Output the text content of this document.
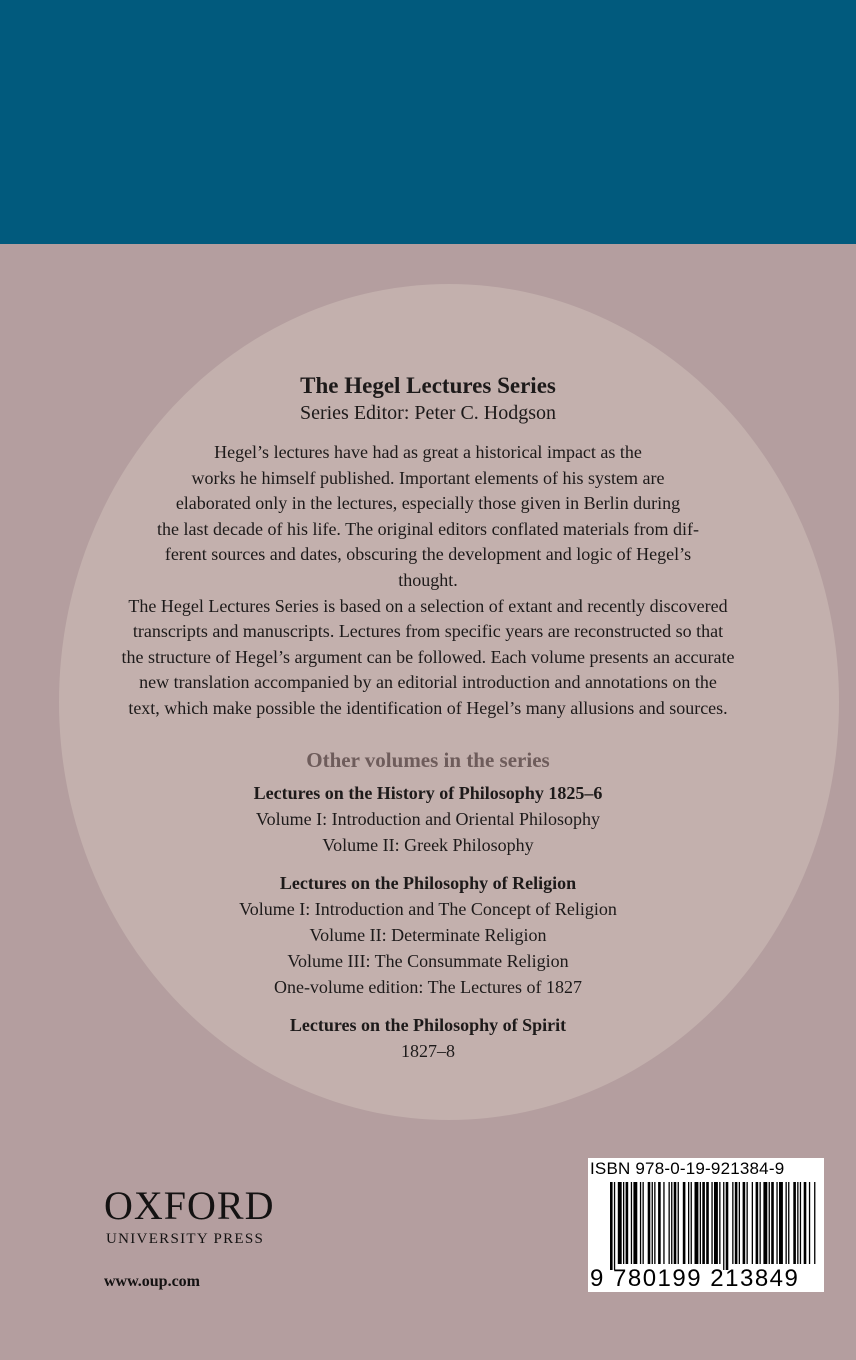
The Hegel Lectures Series

Series Editor: Peter C. Hodgson

Hegel’s lectures have had as great a historical impact as the
works he himself published. Important elements of his system are
elaborated only in the lectures, especially those given in Berlin during
the last decade of his life. The original editors conflated materials from dif-
ferent sources and dates, obscuring the development and logic of Hegel’s
thought.
The Hegel Lectures Series is based on a selection of extant and recently discovered
transcripts and manuscripts. Lectures from specific years are reconstructed so that
the structure of Hegel’s argument can be followed. Each volume presents an accurate
new translation accompanied by an editorial introduction and annotations on the
text, which make possible the identification of Hegel’s many allusions and sources.
Other volumes in the series

Lectures on the History of Philosophy 1825–6

Volume I: Introduction and Oriental Philosophy

Volume II: Greek Philosophy

Lectures on the Philosophy of Religion

Volume I: Introduction and The Concept of Religion

Volume II: Determinate Religion

Volume III: The Consummate Religion

One-volume edition: The Lectures of 1827

Lectures on the Philosophy of Spirit

1827–8

OXFORD

UNIVERSITY PRESS

www.oup.com
ISBN 978-0-19-921384-9
9 780199 213849
